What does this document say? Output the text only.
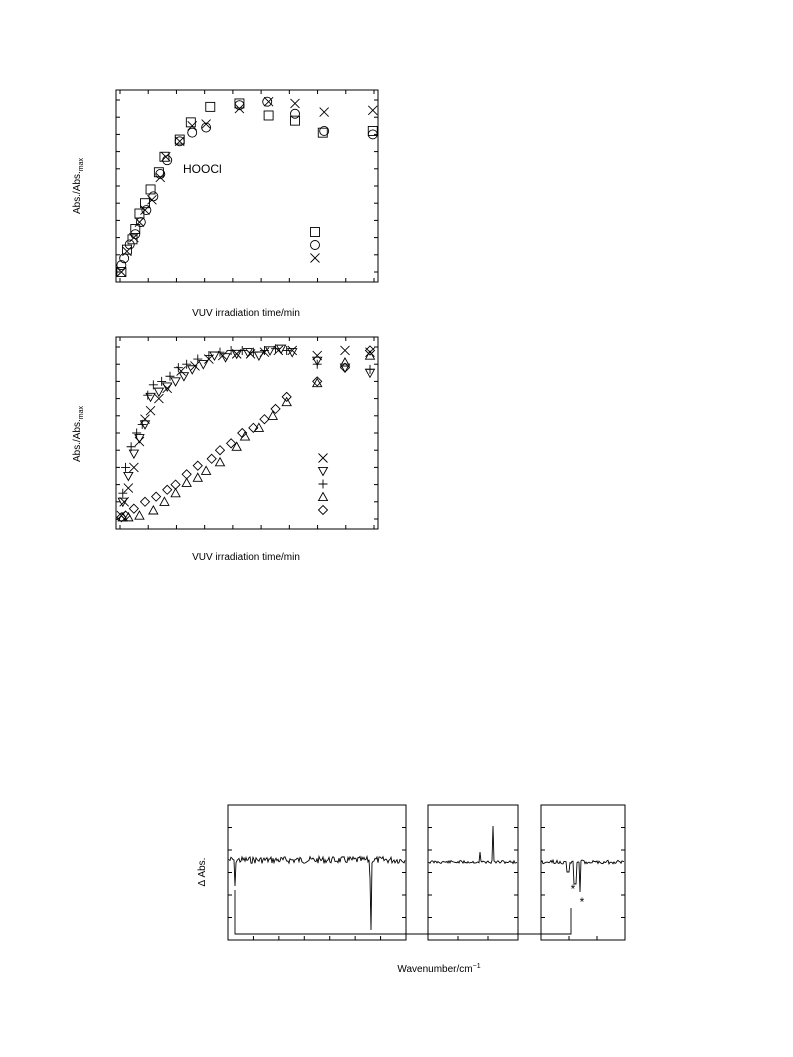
HOOCl
VUV irradiation time/min
$Abs./Abs._{max}$
VUV irradiation time/min
$Abs./Abs._{max}$
*
*
Δ Abs.
Wavenumber/$cm^{-1}$
